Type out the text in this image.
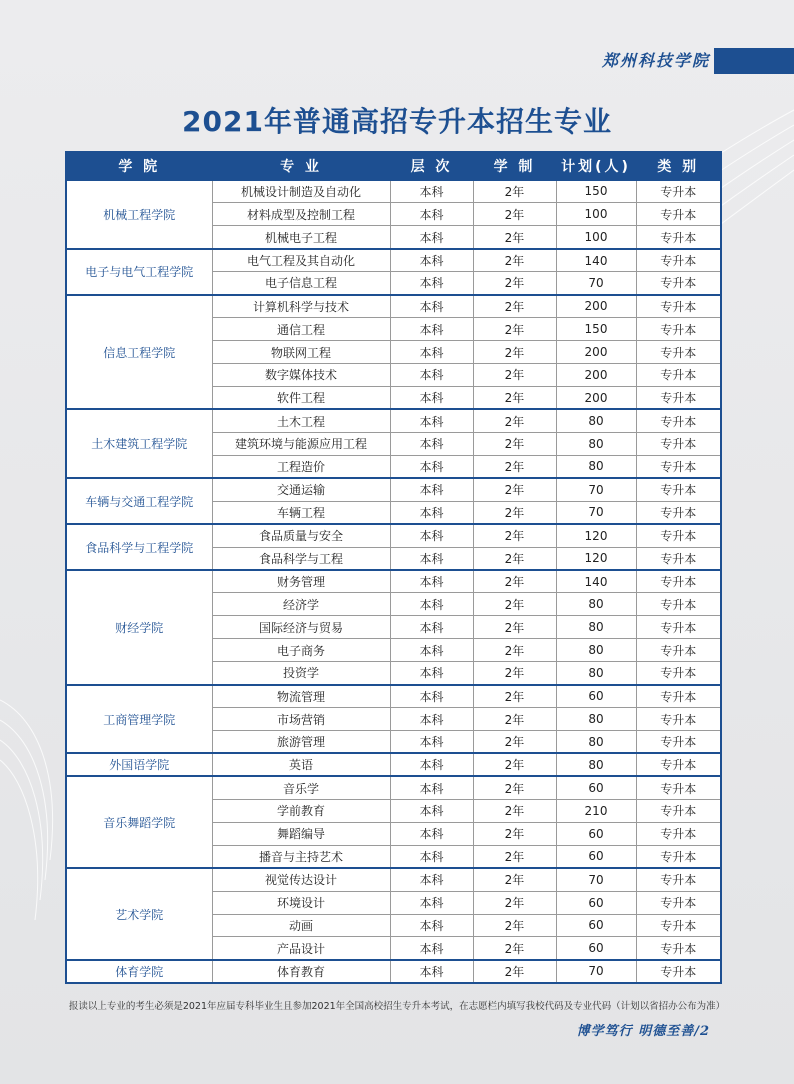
郑州科技学院
2021年普通高招专升本招生专业
学 院	专 业	层 次	学 制	计划(人)	类 别
机械工程学院	机械设计制造及自动化	本科	2年	150	专升本
	材料成型及控制工程	本科	2年	100	专升本
	机械电子工程	本科	2年	100	专升本
电子与电气工程学院	电气工程及其自动化	本科	2年	140	专升本
	电子信息工程	本科	2年	70	专升本
信息工程学院	计算机科学与技术	本科	2年	200	专升本
	通信工程	本科	2年	150	专升本
	物联网工程	本科	2年	200	专升本
	数字媒体技术	本科	2年	200	专升本
	软件工程	本科	2年	200	专升本
土木建筑工程学院	土木工程	本科	2年	80	专升本
	建筑环境与能源应用工程	本科	2年	80	专升本
	工程造价	本科	2年	80	专升本
车辆与交通工程学院	交通运输	本科	2年	70	专升本
	车辆工程	本科	2年	70	专升本
食品科学与工程学院	食品质量与安全	本科	2年	120	专升本
	食品科学与工程	本科	2年	120	专升本
财经学院	财务管理	本科	2年	140	专升本
	经济学	本科	2年	80	专升本
	国际经济与贸易	本科	2年	80	专升本
	电子商务	本科	2年	80	专升本
	投资学	本科	2年	80	专升本
工商管理学院	物流管理	本科	2年	60	专升本
	市场营销	本科	2年	80	专升本
	旅游管理	本科	2年	80	专升本
外国语学院	英语	本科	2年	80	专升本
音乐舞蹈学院	音乐学	本科	2年	60	专升本
	学前教育	本科	2年	210	专升本
	舞蹈编导	本科	2年	60	专升本
	播音与主持艺术	本科	2年	60	专升本
艺术学院	视觉传达设计	本科	2年	70	专升本
	环境设计	本科	2年	60	专升本
	动画	本科	2年	60	专升本
	产品设计	本科	2年	60	专升本
体育学院	体育教育	本科	2年	70	专升本
报读以上专业的考生必须是2021年应届专科毕业生且参加2021年全国高校招生专升本考试，在志愿栏内填写我校代码及专业代码（计划以省招办公布为准）
博学笃行 明德至善/2
